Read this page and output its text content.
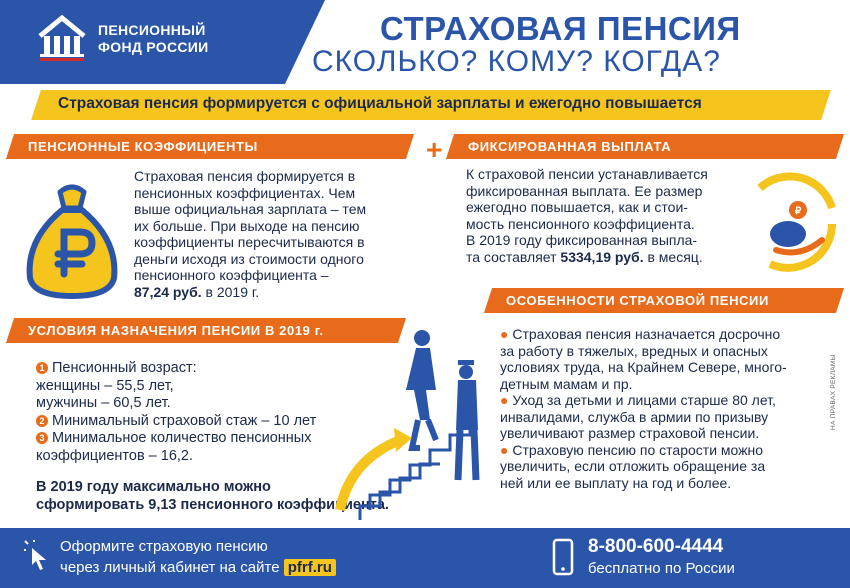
ПЕНСИОННЫЙ
ФОНД РОССИИ	СТРАХОВАЯ ПЕНСИЯ
СКОЛЬКО? КОМУ? КОГДА?
Страховая пенсия формируется с официальной зарплаты и ежегодно повышается
ПЕНСИОННЫЕ КОЭФФИЦИЕНТЫ	+ ФИКСИРОВАННАЯ ВЫПЛАТА
Страховая пенсия формируется в
пенсионных коэффициентах. Чем
выше официальная зарплата – тем
их больше. При выходе на пенсию
коэффициенты пересчитываются в
деньги исходя из стоимости одного
пенсионного коэффициента –
87,24 руб. в 2019 г.
К страховой пенсии устанавливается
фиксированная выплата. Ее размер
ежегодно повышается, как и стои-
мость пенсионного коэффициента.
В 2019 году фиксированная выпла-
та составляет 5334,19 руб. в месяц.
₽
УСЛОВИЯ НАЗНАЧЕНИЯ ПЕНСИИ В 2019 г.
ОСОБЕННОСТИ СТРАХОВОЙ ПЕНСИИ
1 Пенсионный возраст:
женщины – 55,5 лет,
мужчины – 60,5 лет.
2 Минимальный страховой стаж – 10 лет
3 Минимальное количество пенсионных
коэффициентов – 16,2.
В 2019 году максимально можно
сформировать 9,13 пенсионного коэффициента.
● Страховая пенсия назначается досрочно
за работу в тяжелых, вредных и опасных
условиях труда, на Крайнем Севере, много-
детным мамам и пр.
● Уход за детьми и лицами старше 80 лет,
инвалидами, служба в армии по призыву
увеличивают размер страховой пенсии.
● Страховую пенсию по старости можно
увеличить, если отложить обращение за
ней или ее выплату на год и более.
НА ПРАВАХ РЕКЛАМЫ
Оформите страховую пенсию
через личный кабинет на сайте pfrf.ru
8-800-600-4444
бесплатно по России
